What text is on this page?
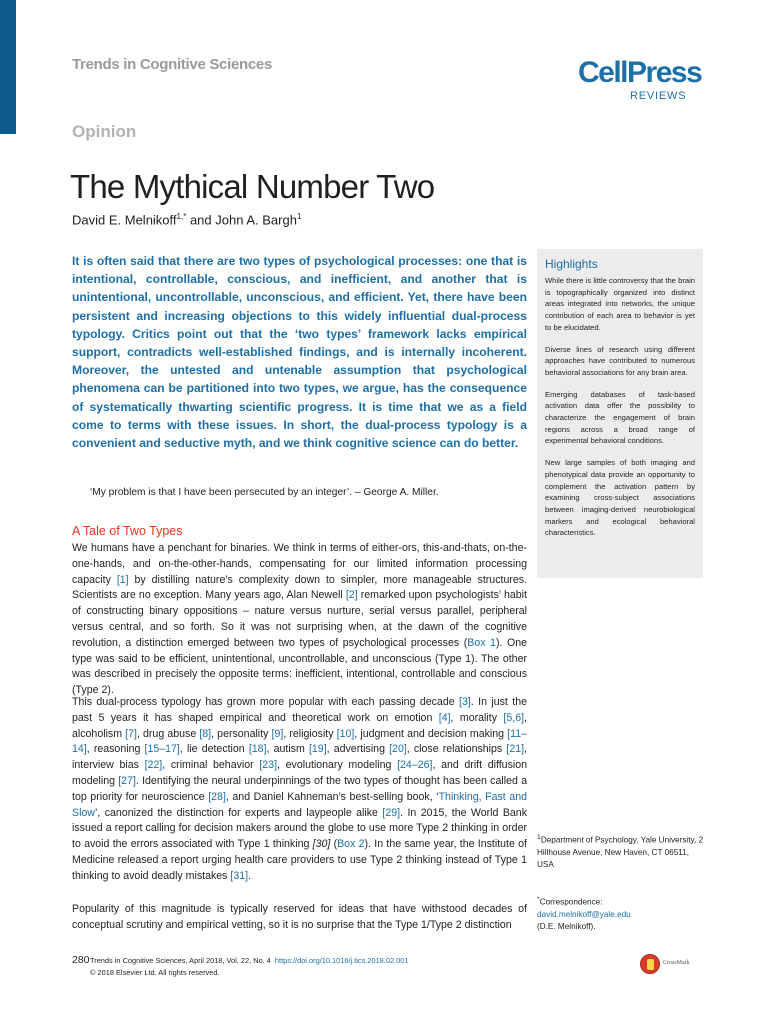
Trends in Cognitive Sciences	CellPress
REVIEWS
Opinion
The Mythical Number Two
David E. Melnikoff$^{1,*}$ and John A. Bargh$^1$

It is often said that there are two types of psychological processes: one that is intentional, controllable, conscious, and inefficient, and another that is unintentional, uncontrollable, unconscious, and efficient. Yet, there have been persistent and increasing objections to this widely influential dual-process typology. Critics point out that the ‘two types’ framework lacks empirical support, contradicts well-established findings, and is internally incoherent. Moreover, the untested and untenable assumption that psychological phenomena can be partitioned into two types, we argue, has the consequence of systematically thwarting scientific progress. It is time that we as a field come to terms with these issues. In short, the dual-process typology is a convenient and seductive myth, and we think cognitive science can do better.

Highlights

While there is little controversy that the brain is topographically organized into distinct areas integrated into networks, the unique contribution of each area to behavior is yet to be elucidated.

Diverse lines of research using different approaches have contributed to numerous behavioral associations for any brain area.

Emerging databases of task-based activation data offer the possibility to characterize the engagement of brain regions across a broad range of experimental behavioral conditions.

New large samples of both imaging and phenotypical data provide an opportunity to complement the activation pattern by examining cross-subject associations between imaging-derived neurobiological markers and ecological behavioral characteristics.

‘My problem is that I have been persecuted by an integer’. – George A. Miller.
A Tale of Two Types

We humans have a penchant for binaries. We think in terms of either-ors, this-and-thats, on-the-one-hands, and on-the-other-hands, compensating for our limited information processing capacity [1] by distilling nature’s complexity down to simpler, more manageable structures. Scientists are no exception. Many years ago, Alan Newell [2] remarked upon psychologists’ habit of constructing binary oppositions – nature versus nurture, serial versus parallel, peripheral versus central, and so forth. So it was not surprising when, at the dawn of the cognitive revolution, a distinction emerged between two types of psychological processes (Box 1). One type was said to be efficient, unintentional, uncontrollable, and unconscious (Type 1). The other was described in precisely the opposite terms: inefficient, intentional, controllable and conscious (Type 2).

This dual-process typology has grown more popular with each passing decade [3]. In just the past 5 years it has shaped empirical and theoretical work on emotion [4], morality [5,6], alcoholism [7], drug abuse [8], personality [9], religiosity [10], judgment and decision making [11–14], reasoning [15–17], lie detection [18], autism [19], advertising [20], close relationships [21], interview bias [22], criminal behavior [23], evolutionary modeling [24–26], and drift diffusion modeling [27]. Identifying the neural underpinnings of the two types of thought has been called a top priority for neuroscience [28], and Daniel Kahneman’s best-selling book, ‘Thinking, Fast and Slow’, canonized the distinction for experts and laypeople alike [29]. In 2015, the World Bank issued a report calling for decision makers around the globe to use more Type 2 thinking in order to avoid the errors associated with Type 1 thinking [30] (Box 2). In the same year, the Institute of Medicine released a report urging health care providers to use Type 2 thinking instead of Type 1 thinking to avoid deadly mistakes [31].

Popularity of this magnitude is typically reserved for ideas that have withstood decades of conceptual scrutiny and empirical vetting, so it is no surprise that the Type 1/Type 2 distinction

$^1$Department of Psychology, Yale University, 2 Hillhouse Avenue, New Haven, CT 06511, USA
*Correspondence:
david.melnikoff@yale.edu
(D.E. Melnikoff).
280 Trends in Cognitive Sciences, April 2018, Vol. 22, No. 4 https://doi.org/10.1016/j.tics.2018.02.001
© 2018 Elsevier Ltd. All rights reserved.
CrossMark
